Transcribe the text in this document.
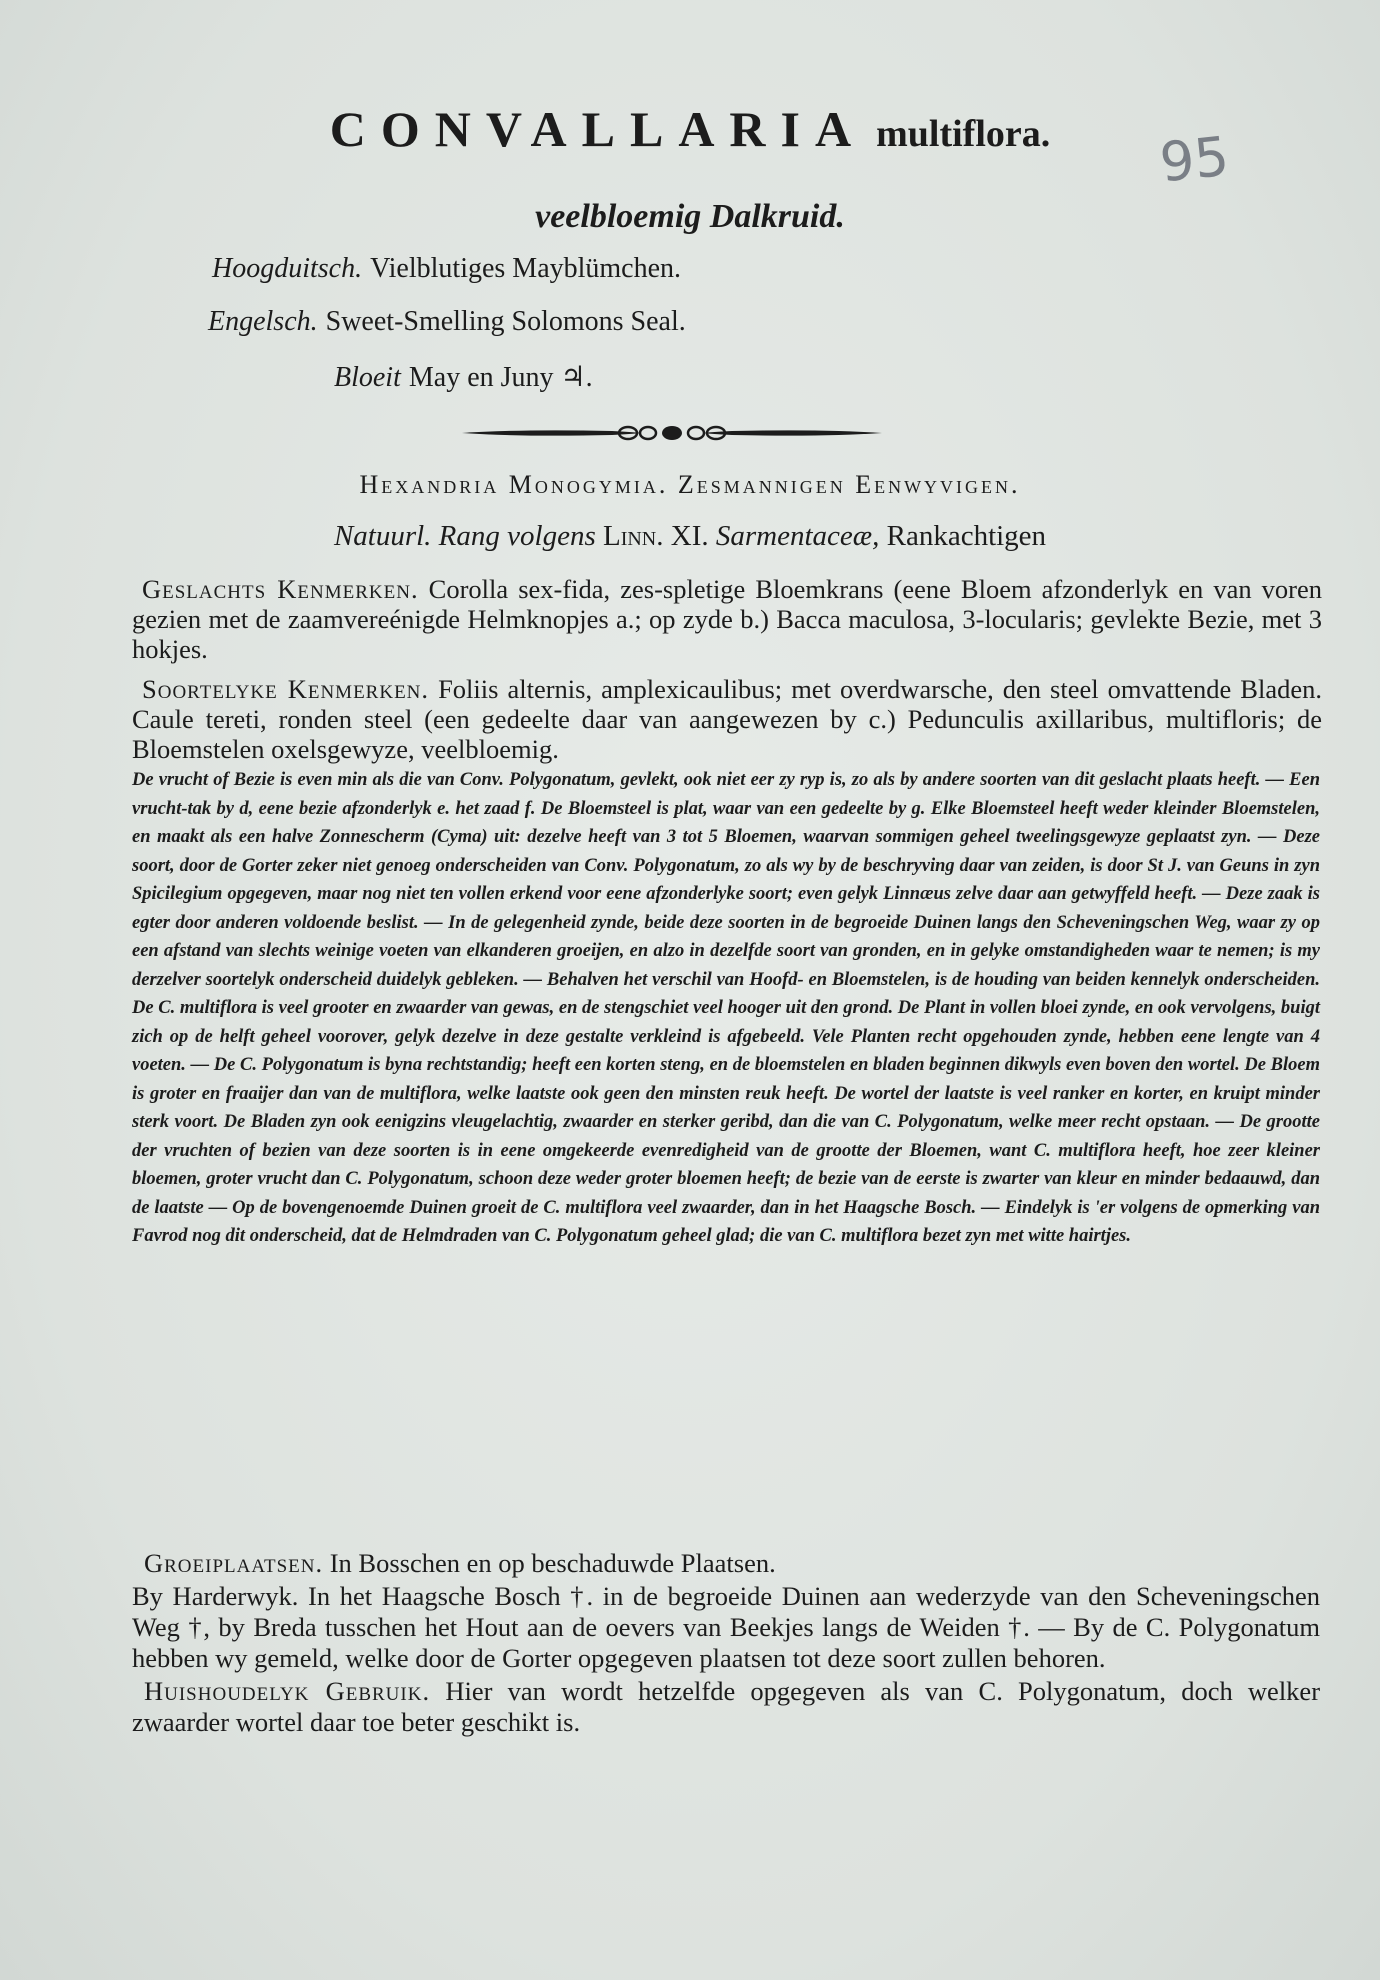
95
CONVALLARIA multiflora.
veelbloemig Dalkruid.
Hoogduitsch. Vielblutiges Mayblümchen.
Engelsch. Sweet-Smelling Solomons Seal.
Bloeit May en Juny ♃.
Hexandria Monogymia. Zesmannigen Eenwyvigen.
Natuurl. Rang volgens Linn. XI. Sarmentaceæ, Rankachtigen
Geslachts Kenmerken. Corolla sex-fida, zes-spletige Bloemkrans (eene Bloem afzonderlyk en van voren gezien met de zaamvereénigde Helmknopjes a.; op zyde b.) Bacca maculosa, 3-locularis; gevlekte Bezie, met 3 hokjes.
Soortelyke Kenmerken. Foliis alternis, amplexicaulibus; met overdwarsche, den steel omvattende Bladen. Caule tereti, ronden steel (een gedeelte daar van aangewezen by c.) Pedunculis axillaribus, multifloris; de Bloemstelen oxelsgewyze, veelbloemig.
De vrucht of Bezie is even min als die van Conv. Polygonatum, gevlekt, ook niet eer zy ryp is, zo als by andere soorten van dit geslacht plaats heeft. — Een vrucht-tak by d, eene bezie afzonderlyk e. het zaad f. De Bloemsteel is plat, waar van een gedeelte by g. Elke Bloemsteel heeft weder kleinder Bloemstelen, en maakt als een halve Zonnescherm (Cyma) uit: dezelve heeft van 3 tot 5 Bloemen, waarvan sommigen geheel tweelingsgewyze geplaatst zyn. — Deze soort, door de Gorter zeker niet genoeg onderscheiden van Conv. Polygonatum, zo als wy by de beschryving daar van zeiden, is door St J. van Geuns in zyn Spicilegium opgegeven, maar nog niet ten vollen erkend voor eene afzonderlyke soort; even gelyk Linnæus zelve daar aan getwyffeld heeft. — Deze zaak is egter door anderen voldoende beslist. — In de gelegenheid zynde, beide deze soorten in de begroeide Duinen langs den Scheveningschen Weg, waar zy op een afstand van slechts weinige voeten van elkanderen groeijen, en alzo in dezelfde soort van gronden, en in gelyke omstandigheden waar te nemen; is my derzelver soortelyk onderscheid duidelyk gebleken. — Behalven het verschil van Hoofd- en Bloemstelen, is de houding van beiden kennelyk onderscheiden. De C. multiflora is veel grooter en zwaarder van gewas, en de stengschiet veel hooger uit den grond. De Plant in vollen bloei zynde, en ook vervolgens, buigt zich op de helft geheel voorover, gelyk dezelve in deze gestalte verkleind is afgebeeld. Vele Planten recht opgehouden zynde, hebben eene lengte van 4 voeten. — De C. Polygonatum is byna rechtstandig; heeft een korten steng, en de bloemstelen en bladen beginnen dikwyls even boven den wortel. De Bloem is groter en fraaijer dan van de multiflora, welke laatste ook geen den minsten reuk heeft. De wortel der laatste is veel ranker en korter, en kruipt minder sterk voort. De Bladen zyn ook eenigzins vleugelachtig, zwaarder en sterker geribd, dan die van C. Polygonatum, welke meer recht opstaan. — De grootte der vruchten of bezien van deze soorten is in eene omgekeerde evenredigheid van de grootte der Bloemen, want C. multiflora heeft, hoe zeer kleiner bloemen, groter vrucht dan C. Polygonatum, schoon deze weder groter bloemen heeft; de bezie van de eerste is zwarter van kleur en minder bedaauwd, dan de laatste — Op de bovengenoemde Duinen groeit de C. multiflora veel zwaarder, dan in het Haagsche Bosch. — Eindelyk is 'er volgens de opmerking van Favrod nog dit onderscheid, dat de Helmdraden van C. Polygonatum geheel glad; die van C. multiflora bezet zyn met witte hairtjes.

Groeiplaatsen. In Bosschen en op beschaduwde Plaatsen.

By Harderwyk. In het Haagsche Bosch †. in de begroeide Duinen aan wederzyde van den Scheveningschen Weg †, by Breda tusschen het Hout aan de oevers van Beekjes langs de Weiden †. — By de C. Polygonatum hebben wy gemeld, welke door de Gorter opgegeven plaatsen tot deze soort zullen behoren.

Huishoudelyk Gebruik. Hier van wordt hetzelfde opgegeven als van C. Polygonatum, doch welker zwaarder wortel daar toe beter geschikt is.
